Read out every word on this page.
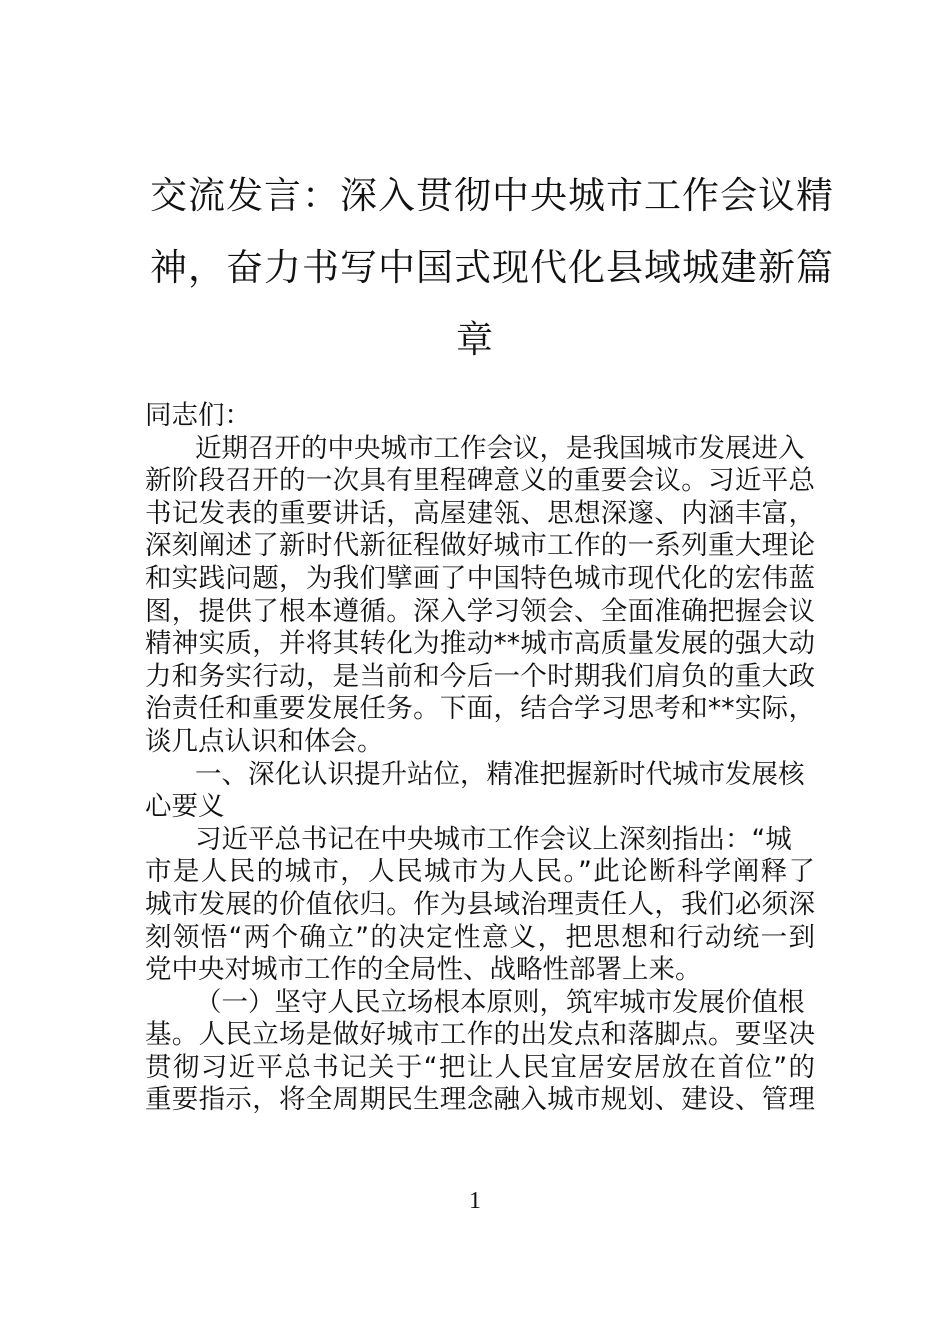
交流发言：深入贯彻中央城市工作会议精
神，奋力书写中国式现代化县域城建新篇
章
同志们：
近期召开的中央城市工作会议，是我国城市发展进入
新阶段召开的一次具有里程碑意义的重要会议。习近平总
书记发表的重要讲话，高屋建瓴、思想深邃、内涵丰富，
深刻阐述了新时代新征程做好城市工作的一系列重大理论
和实践问题，为我们擘画了中国特色城市现代化的宏伟蓝
图，提供了根本遵循。深入学习领会、全面准确把握会议
精神实质，并将其转化为推动**城市高质量发展的强大动
力和务实行动，是当前和今后一个时期我们肩负的重大政
治责任和重要发展任务。下面，结合学习思考和**实际，
谈几点认识和体会。
一、深化认识提升站位，精准把握新时代城市发展核
心要义
习近平总书记在中央城市工作会议上深刻指出：“城
市是人民的城市，人民城市为人民。”此论断科学阐释了
城市发展的价值依归。作为县域治理责任人，我们必须深
刻领悟“两个确立”的决定性意义，把思想和行动统一到
党中央对城市工作的全局性、战略性部署上来。
（一）坚守人民立场根本原则，筑牢城市发展价值根
基。人民立场是做好城市工作的出发点和落脚点。要坚决
贯彻习近平总书记关于“把让人民宜居安居放在首位”的
重要指示，将全周期民生理念融入城市规划、建设、管理
1
